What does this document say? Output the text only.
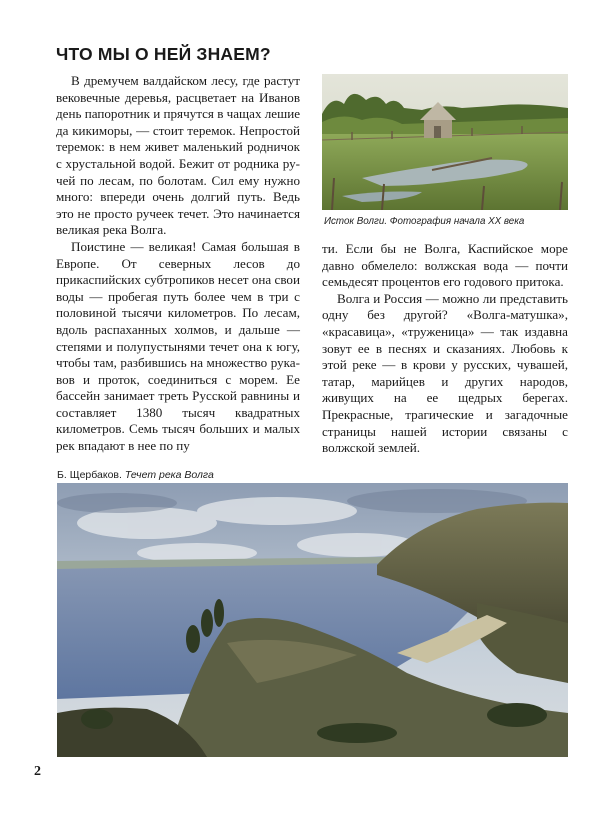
ЧТО МЫ О НЕЙ ЗНАЕМ?

В дремучем валдайском лесу, где растут вековечные деревья, расцветает на Иванов день папоротник и прячутся в чащах лешие да кикиморы, — стоит теремок. Непростой теремок: в нем живет маленький родничок с хрустальной водой. Бежит от родника ручей по лесам, по болотам. Сил ему нужно много: впереди очень долгий путь. Ведь это не просто ручеек течет. Это начинается великая река Волга.

Поистине — великая! Самая большая в Европе. От северных лесов до прикаспийских субтропиков несет она свои воды — пробегая путь более чем в три с половиной тысячи километров. По лесам, вдоль распаханных холмов, и дальше — степями и полупустынями течет она к югу, чтобы там, разбившись на множество рукавов и проток, соединиться с морем. Ее бассейн занимает треть Русской равнины и составляет 1380 тысяч квадратных километров. Семь тысяч больших и малых рек впадают в нее по пу

Исток Волги. Фотография начала XX века

ти. Если бы не Волга, Каспийское море давно обмелело: волжская вода — почти семьдесят процентов его годового притока.

Волга и Россия — можно ли представить одну без другой? «Волга-матушка», «красавица», «труженица» — так издавна зовут ее в песнях и сказаниях. Любовь к этой реке — в крови у русских, чувашей, татар, марийцев и других народов, живущих на ее щедрых берегах. Прекрасные, трагические и загадочные страницы нашей истории связаны с волжской землей.

Б. Щербаков. Течет река Волга
2
